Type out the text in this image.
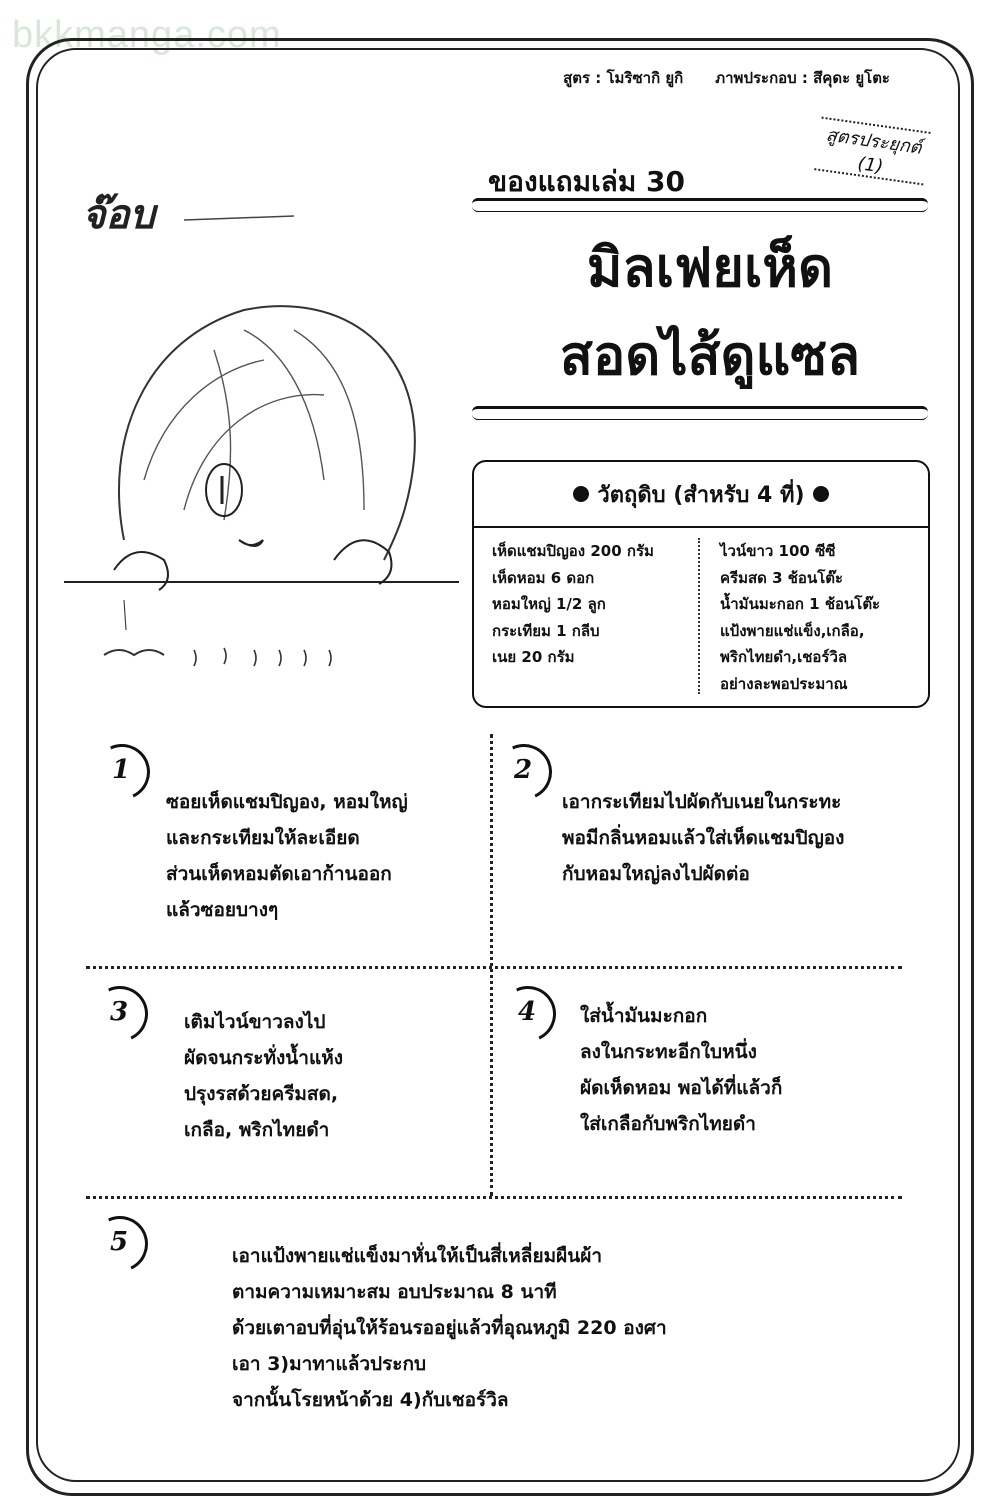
bkkmanga.com
สูตร : โมริซากิ ยูกิ ภาพประกอบ : สึคุดะ ยูโตะ
สูตรประยุกต์
(1)
ของแถมเล่ม 30
มิลเฟยเห็ด
สอดไส้ดูแซล
จ๊อบ
วัตถุดิบ (สำหรับ 4 ที่)
เห็ดแชมปิญอง 200 กรัม
เห็ดหอม 6 ดอก
หอมใหญ่ 1/2 ลูก
กระเทียม 1 กลีบ
เนย 20 กรัม
ไวน์ขาว 100 ซีซี
ครีมสด 3 ช้อนโต๊ะ
น้ำมันมะกอก 1 ช้อนโต๊ะ
แป้งพายแช่แข็ง,เกลือ,
พริกไทยดำ,เชอร์วิล
อย่างละพอประมาณ
1
ซอยเห็ดแชมปิญอง, หอมใหญ่
และกระเทียมให้ละเอียด
ส่วนเห็ดหอมตัดเอาก้านออก
แล้วซอยบางๆ
2
เอากระเทียมไปผัดกับเนยในกระทะ
พอมีกลิ่นหอมแล้วใส่เห็ดแชมปิญอง
กับหอมใหญ่ลงไปผัดต่อ
3	เติมไวน์ขาวลงไป
ผัดจนกระทั่งน้ำแห้ง
ปรุงรสด้วยครีมสด,
เกลือ, พริกไทยดำ
4	ใส่น้ำมันมะกอก
ลงในกระทะอีกใบหนึ่ง
ผัดเห็ดหอม พอได้ที่แล้วก็
ใส่เกลือกับพริกไทยดำ
5	เอาแป้งพายแช่แข็งมาหั่นให้เป็นสี่เหลี่ยมผืนผ้า
ตามความเหมาะสม อบประมาณ 8 นาที
ด้วยเตาอบที่อุ่นให้ร้อนรออยู่แล้วที่อุณหภูมิ 220 องศา
เอา 3)มาทาแล้วประกบ
จากนั้นโรยหน้าด้วย 4)กับเชอร์วิล
